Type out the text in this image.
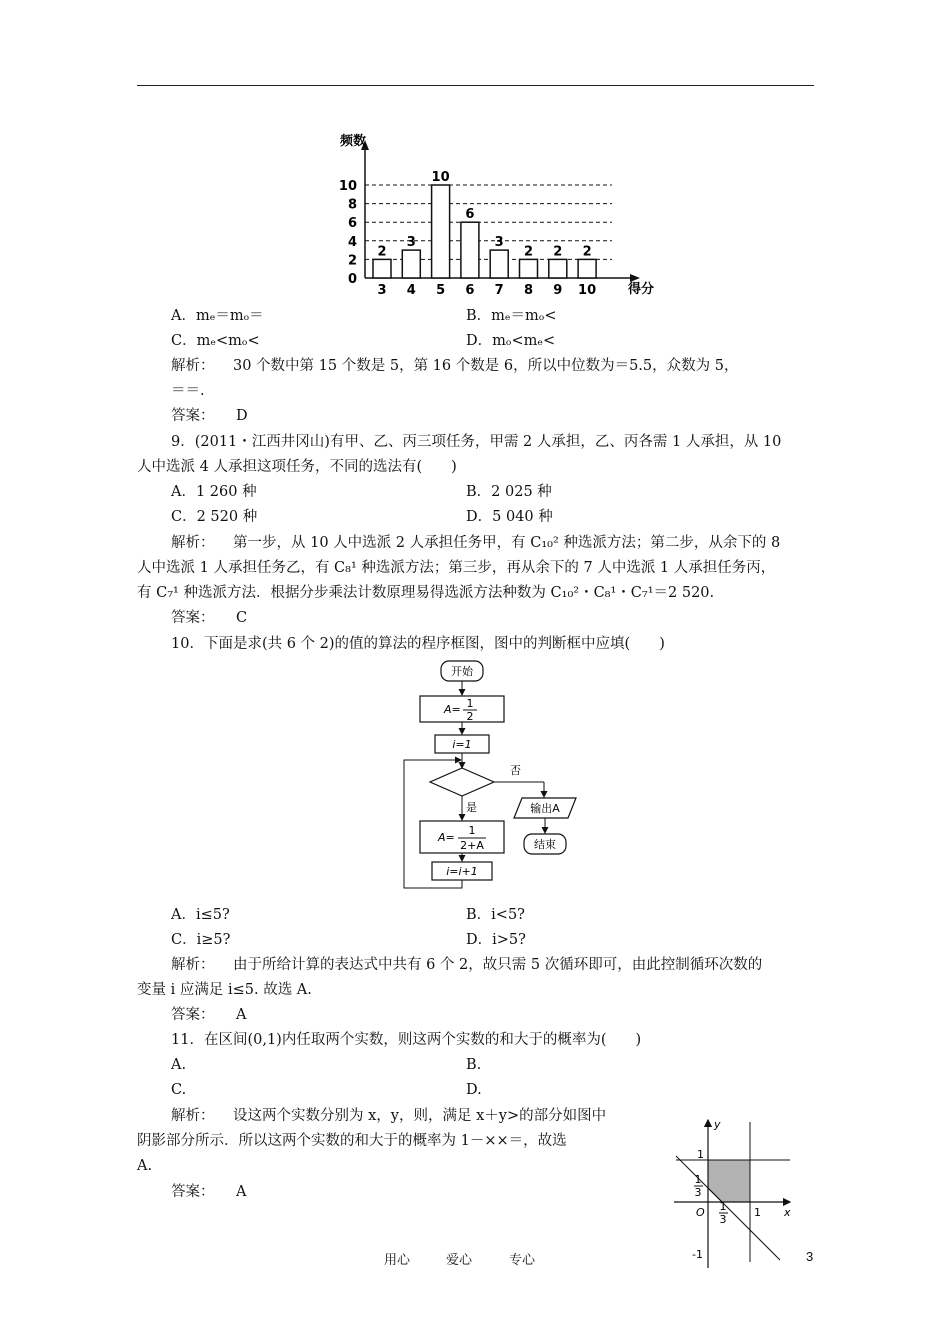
2
3
10
6
3
2 2 2
0
2
4
6
8
10
3 4 5 6 7 8 9 10
频数
得分
A．mₑ＝mₒ＝	B．mₑ＝mₒ<
C．mₑ<mₒ<	D．mₒ<mₑ<
解析： 30 个数中第 15 个数是 5，第 16 个数是 6，所以中位数为＝5.5，众数为 5，
＝＝.
答案： D
9．(2011・江西井冈山)有甲、乙、丙三项任务，甲需 2 人承担，乙、丙各需 1 人承担，从 10
人中选派 4 人承担这项任务，不同的选法有(　　)
A．1 260 种	B．2 025 种
C．2 520 种	D．5 040 种
解析： 第一步，从 10 人中选派 2 人承担任务甲，有 C₁₀² 种选派方法；第二步，从余下的 8
人中选派 1 人承担任务乙，有 C₈¹ 种选派方法；第三步，再从余下的 7 人中选派 1 人承担任务丙，
有 C₇¹ 种选派方法．根据分步乘法计数原理易得选派方法种数为 C₁₀²・C₈¹・C₇¹＝2 520.
答案： C
10．下面是求(共 6 个 2)的值的算法的程序框图，图中的判断框中应填(　　)
开始
A= 1
2
i=1
否
输出A
结束
是
A=
1
2+A
i=i+1
A．i≤5?	B．i<5?
C．i≥5?	D．i>5?
解析： 由于所给计算的表达式中共有 6 个 2，故只需 5 次循环即可，由此控制循环次数的
变量 i 应满足 i≤5. 故选 A.
答案： A
11．在区间(0,1)内任取两个实数，则这两个实数的和大于的概率为(　　)
A.	B.
C.	D.
解析： 设这两个实数分别为 x，y，则，满足 x＋y>的部分如图中
阴影部分所示．所以这两个实数的和大于的概率为 1－××＝，故选
A.
答案： A
y
x
O
1
1
1
3
1
3
-1
用心	爱心	专心	3
